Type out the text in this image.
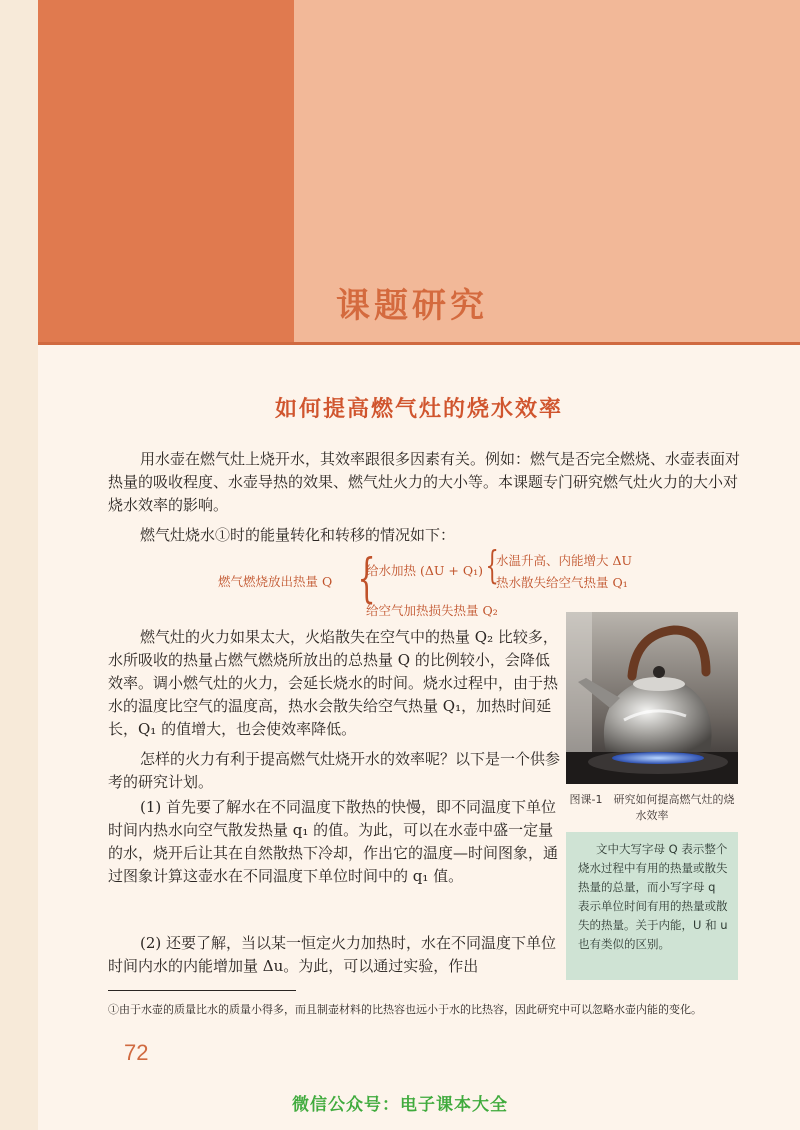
课题研究
如何提高燃气灶的烧水效率
用水壶在燃气灶上烧开水，其效率跟很多因素有关。例如：燃气是否完全燃烧、水壶表面对热量的吸收程度、水壶导热的效果、燃气灶火力的大小等。本课题专门研究燃气灶火力的大小对烧水效率的影响。
燃气灶烧水①时的能量转化和转移的情况如下：
燃气燃烧放出热量 Q {
给水加热 (ΔU + Q₁)
给空气加热损失热量 Q₂
{
水温升高、内能增大 ΔU
热水散失给空气热量 Q₁
燃气灶的火力如果太大，火焰散失在空气中的热量 Q₂ 比较多，水所吸收的热量占燃气燃烧所放出的总热量 Q 的比例较小，会降低效率。调小燃气灶的火力，会延长烧水的时间。烧水过程中，由于热水的温度比空气的温度高，热水会散失给空气热量 Q₁，加热时间延长，Q₁ 的值增大，也会使效率降低。
怎样的火力有利于提高燃气灶烧开水的效率呢？以下是一个供参考的研究计划。
(1) 首先要了解水在不同温度下散热的快慢，即不同温度下单位时间内热水向空气散发热量 q₁ 的值。为此，可以在水壶中盛一定量的水，烧开后让其在自然散热下冷却，作出它的温度—时间图象，通过图象计算这壶水在不同温度下单位时间中的 q₁ 值。
(2) 还要了解，当以某一恒定火力加热时，水在不同温度下单位时间内水的内能增加量 Δu。为此，可以通过实验，作出
图课-1　研究如何提高燃气灶的烧水效率
文中大写字母 Q 表示整个烧水过程中有用的热量或散失热量的总量，而小写字母 q 表示单位时间有用的热量或散失的热量。关于内能，U 和 u 也有类似的区别。
①由于水壶的质量比水的质量小得多，而且制壶材料的比热容也远小于水的比热容，因此研究中可以忽略水壶内能的变化。
72
微信公众号：电子课本大全
